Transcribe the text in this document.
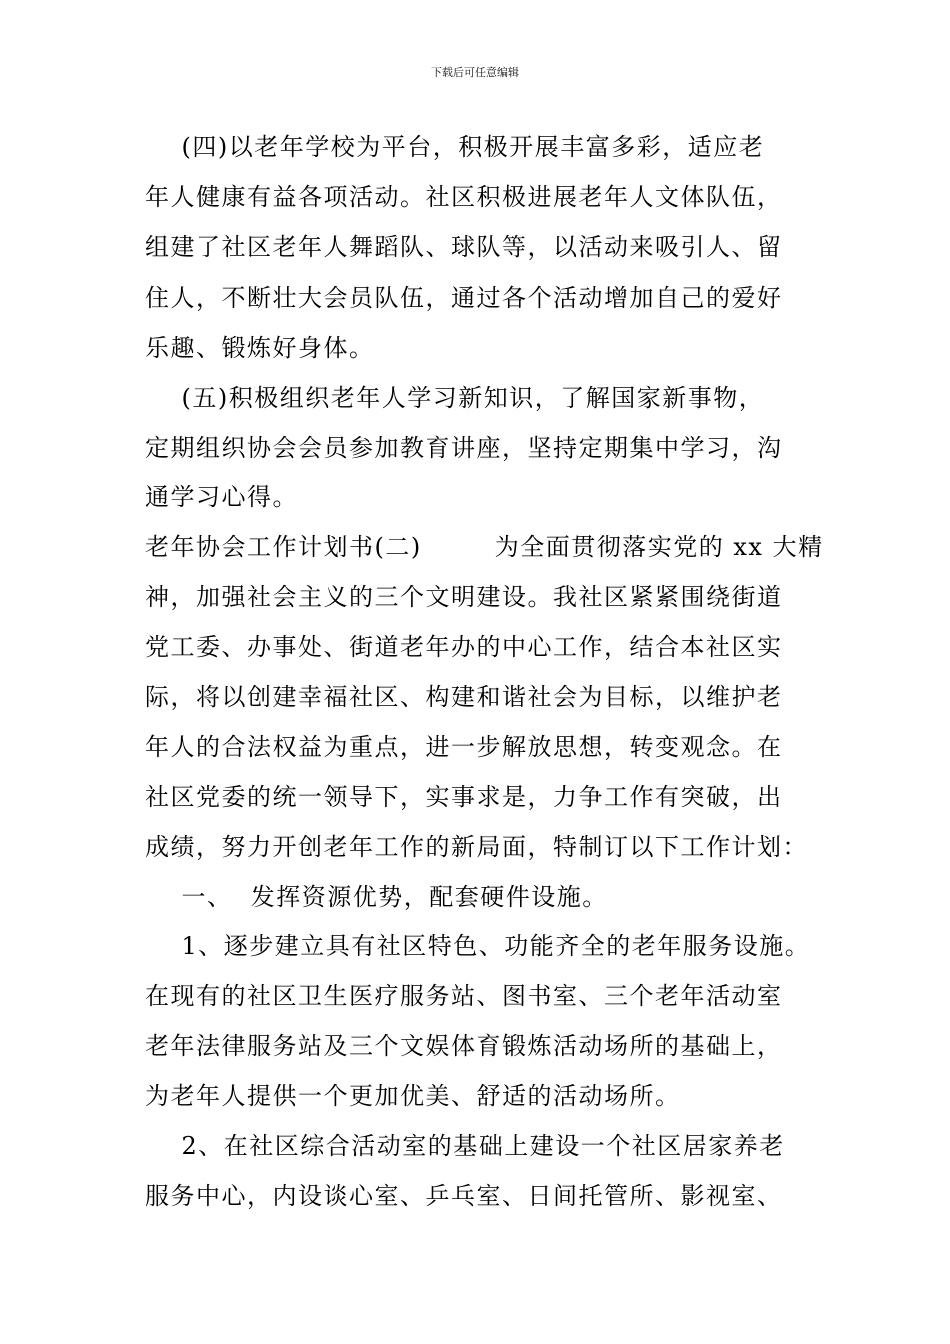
下载后可任意编辑
(四)以老年学校为平台，积极开展丰富多彩，适应老
年人健康有益各项活动。社区积极进展老年人文体队伍，
组建了社区老年人舞蹈队、球队等，以活动来吸引人、留
住人，不断壮大会员队伍，通过各个活动增加自己的爱好
乐趣、锻炼好身体。
(五)积极组织老年人学习新知识，了解国家新事物，
定期组织协会会员参加教育讲座，坚持定期集中学习，沟
通学习心得。
老年协会工作计划书(二)        为全面贯彻落实党的 xx 大精
神，加强社会主义的三个文明建设。我社区紧紧围绕街道
党工委、办事处、街道老年办的中心工作，结合本社区实
际，将以创建幸福社区、构建和谐社会为目标，以维护老
年人的合法权益为重点，进一步解放思想，转变观念。在
社区党委的统一领导下，实事求是，力争工作有突破，出
成绩，努力开创老年工作的新局面，特制订以下工作计划：
一、  发挥资源优势，配套硬件设施。
1、逐步建立具有社区特色、功能齐全的老年服务设施。
在现有的社区卫生医疗服务站、图书室、三个老年活动室
老年法律服务站及三个文娱体育锻炼活动场所的基础上，
为老年人提供一个更加优美、舒适的活动场所。
2、在社区综合活动室的基础上建设一个社区居家养老
服务中心，内设谈心室、乒乓室、日间托管所、影视室、
